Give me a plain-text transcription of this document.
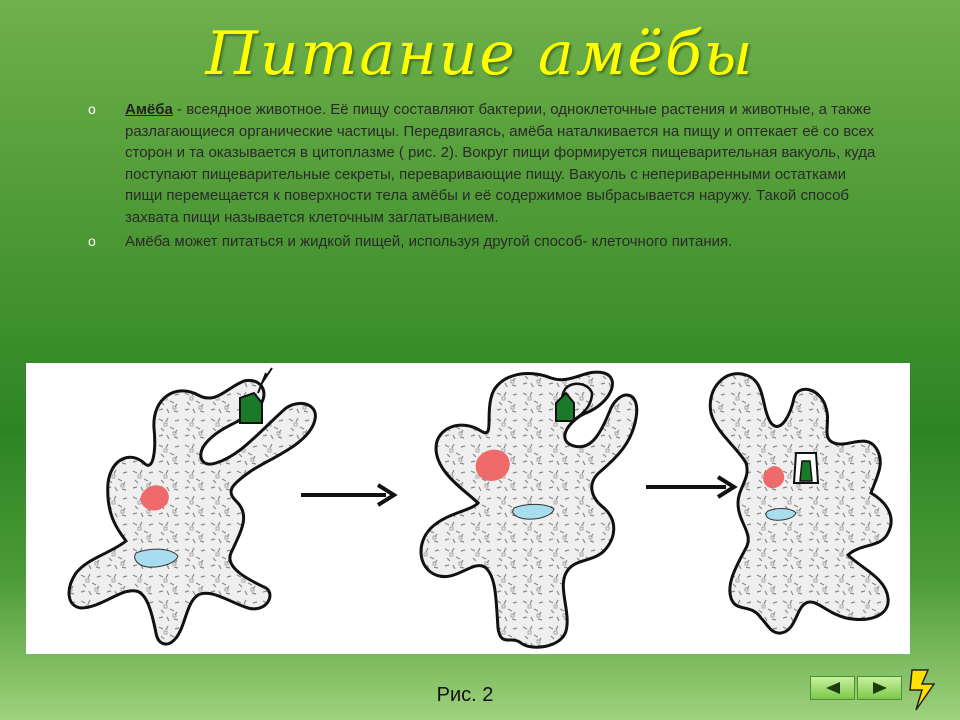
Питание амёбы
o Амёба - всеядное животное. Её пищу составляют бактерии, одноклеточные растения и животные, а также разлагающиеся органические частицы. Передвигаясь, амёба наталкивается на пищу и оптекает её со всех сторон и та оказывается в цитоплазме ( рис. 2). Вокруг пищи формируется пищеварительная вакуоль, куда поступают пищеварительные секреты, переваривающие пищу. Вакуоль с непериваренными остатками пищи перемещается к поверхности тела амёбы и её содержимое выбрасывается наружу. Такой способ захвата пищи называется клеточным заглатыванием.
o Амёба может питаться и жидкой пищей, используя другой способ- клеточного питания.
Рис. 2
